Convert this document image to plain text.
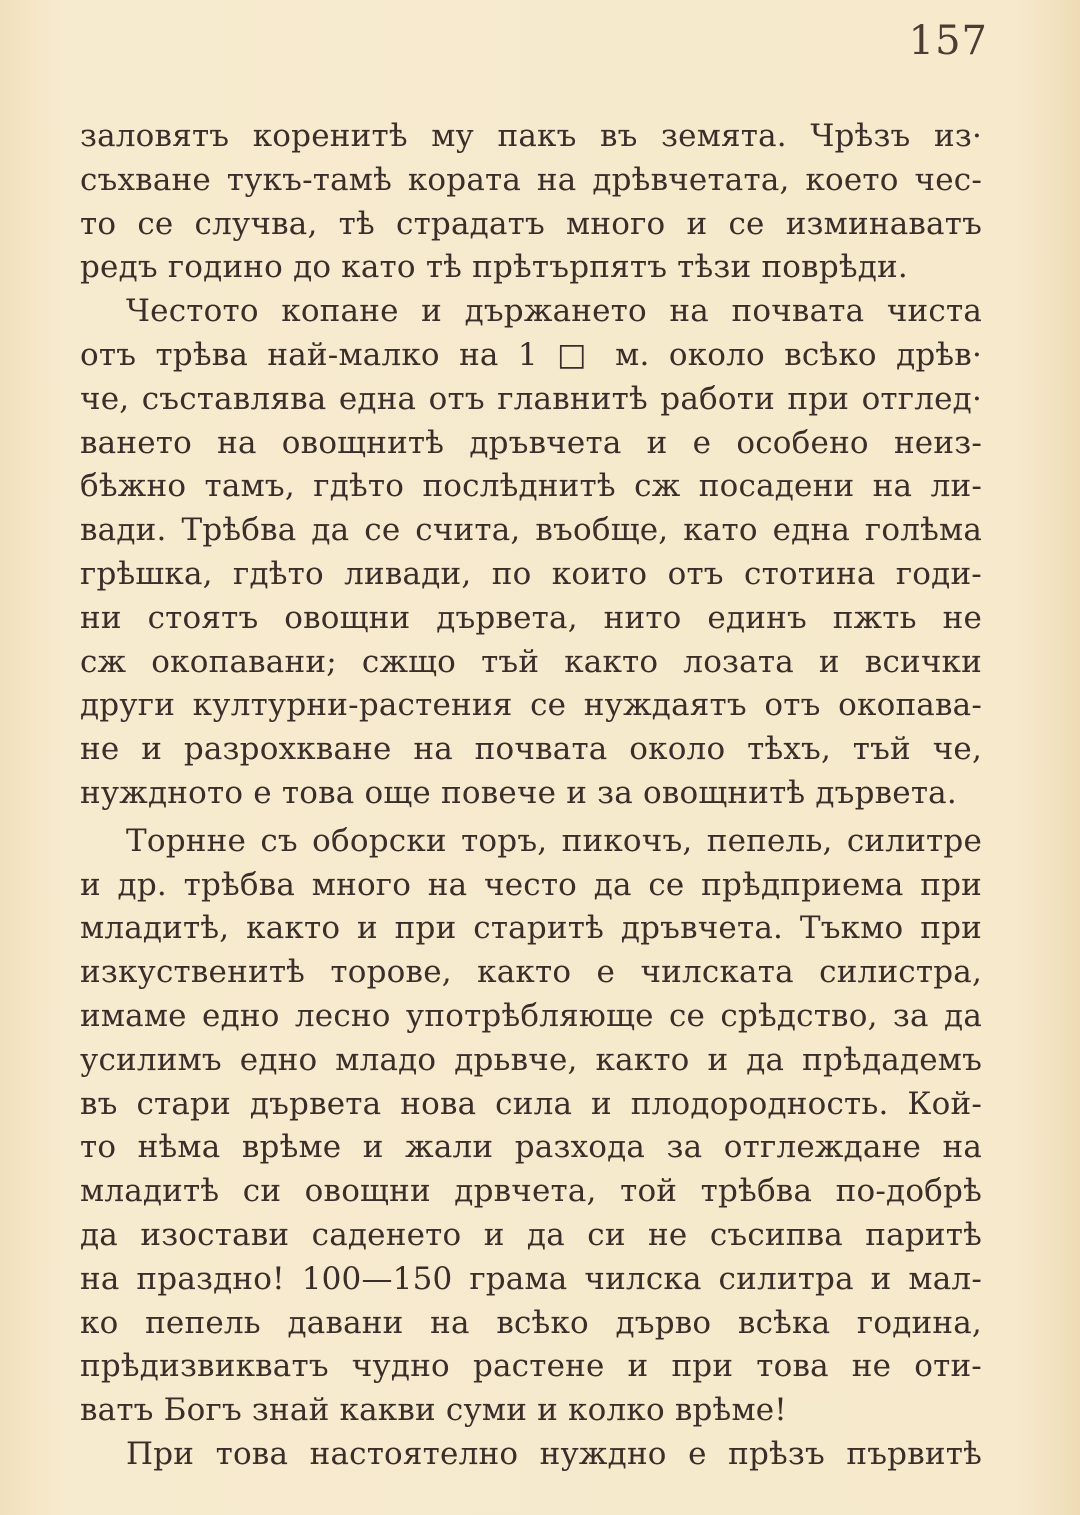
157
заловятъ коренитѣ му пакъ въ земята. Чрѣзъ из·
съхване тукъ-тамѣ кората на дрѣвчетата, което чес-
то се случва, тѣ страдатъ много и се изминаватъ
редъ годино до като тѣ прѣтърпятъ тѣзи поврѣди.
Честото копане и държането на почвата чиста
отъ трѣва най-малко на 1 □ м. около всѣко дрѣв·
че, съставлява една отъ главнитѣ работи при отглед·
ването на овощнитѣ дръвчета и е особено неиз-
бѣжно тамъ, гдѣто послѣднитѣ сж посадени на ли-
вади. Трѣбва да се счита, въобще, като една голѣма
грѣшка, гдѣто ливади, по които отъ стотина годи-
ни стоятъ овощни дървета, нито единъ пжть не
сж окопавани; сжщо тъй както лозата и всички
други културни-растения се нуждаятъ отъ окопава-
не и разрохкване на почвата около тѣхъ, тъй че,
нуждното е това още повече и за овощнитѣ дървета.
Торнне съ оборски торъ, пикочъ, пепель, силитре
и др. трѣбва много на често да се прѣдприема при
младитѣ, както и при старитѣ дръвчета. Тъкмо при
изкуственитѣ торове, както е чилската силистра,
имаме едно лесно употрѣбляюще се срѣдство, за да
усилимъ едно младо дрьвче, както и да прѣдадемъ
въ стари дървета нова сила и плодородность. Кой-
то нѣма врѣме и жали разхода за отглеждане на
младитѣ си овощни дрвчета, той трѣбва по-добрѣ
да изостави саденето и да си не съсипва паритѣ
на праздно! 100—150 грама чилска силитра и мал-
ко пепель давани на всѣко дърво всѣка година,
прѣдизвикватъ чудно растене и при това не оти-
ватъ Богъ знай какви суми и колко врѣме!
При това настоятелно нуждно е прѣзъ първитѣ
